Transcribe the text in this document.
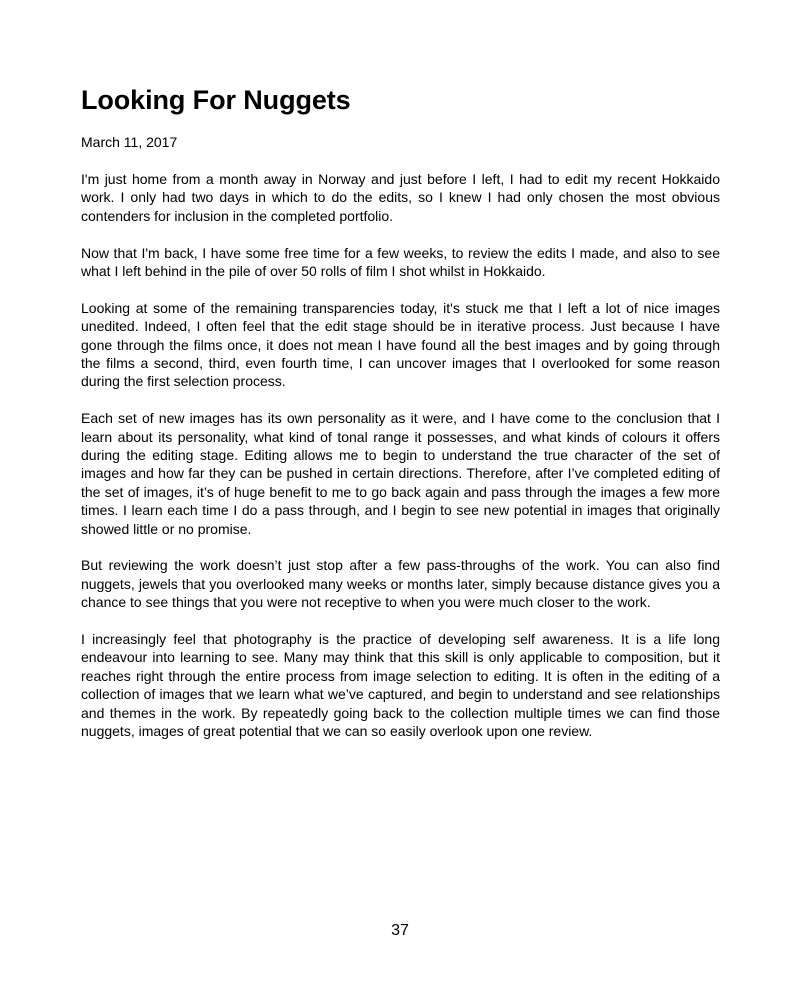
Looking For Nuggets
March 11, 2017

I'm just home from a month away in Norway and just before I left, I had to edit my recent Hokkaido work. I only had two days in which to do the edits, so I knew I had only chosen the most obvious contenders for inclusion in the completed portfolio.

Now that I'm back, I have some free time for a few weeks, to review the edits I made, and also to see what I left behind in the pile of over 50 rolls of film I shot whilst in Hokkaido.

Looking at some of the remaining transparencies today, it's stuck me that I left a lot of nice images unedited. Indeed, I often feel that the edit stage should be in iterative process. Just because I have gone through the films once, it does not mean I have found all the best images and by going through the films a second, third, even fourth time, I can uncover images that I overlooked for some reason during the first selection process.

Each set of new images has its own personality as it were, and I have come to the conclusion that I learn about its personality, what kind of tonal range it possesses, and what kinds of colours it offers during the editing stage. Editing allows me to begin to understand the true character of the set of images and how far they can be pushed in certain directions. Therefore, after I’ve completed editing of the set of images, it’s of huge benefit to me to go back again and pass through the images a few more times. I learn each time I do a pass through, and I begin to see new potential in images that originally showed little or no promise.

But reviewing the work doesn’t just stop after a few pass-throughs of the work. You can also find nuggets, jewels that you overlooked many weeks or months later, simply because distance gives you a chance to see things that you were not receptive to when you were much closer to the work.

I increasingly feel that photography is the practice of developing self awareness. It is a life long endeavour into learning to see. Many may think that this skill is only applicable to composition, but it reaches right through the entire process from image selection to editing. It is often in the editing of a collection of images that we learn what we’ve captured, and begin to understand and see relationships and themes in the work. By repeatedly going back to the collection multiple times we can find those nuggets, images of great potential that we can so easily overlook upon one review.

37
